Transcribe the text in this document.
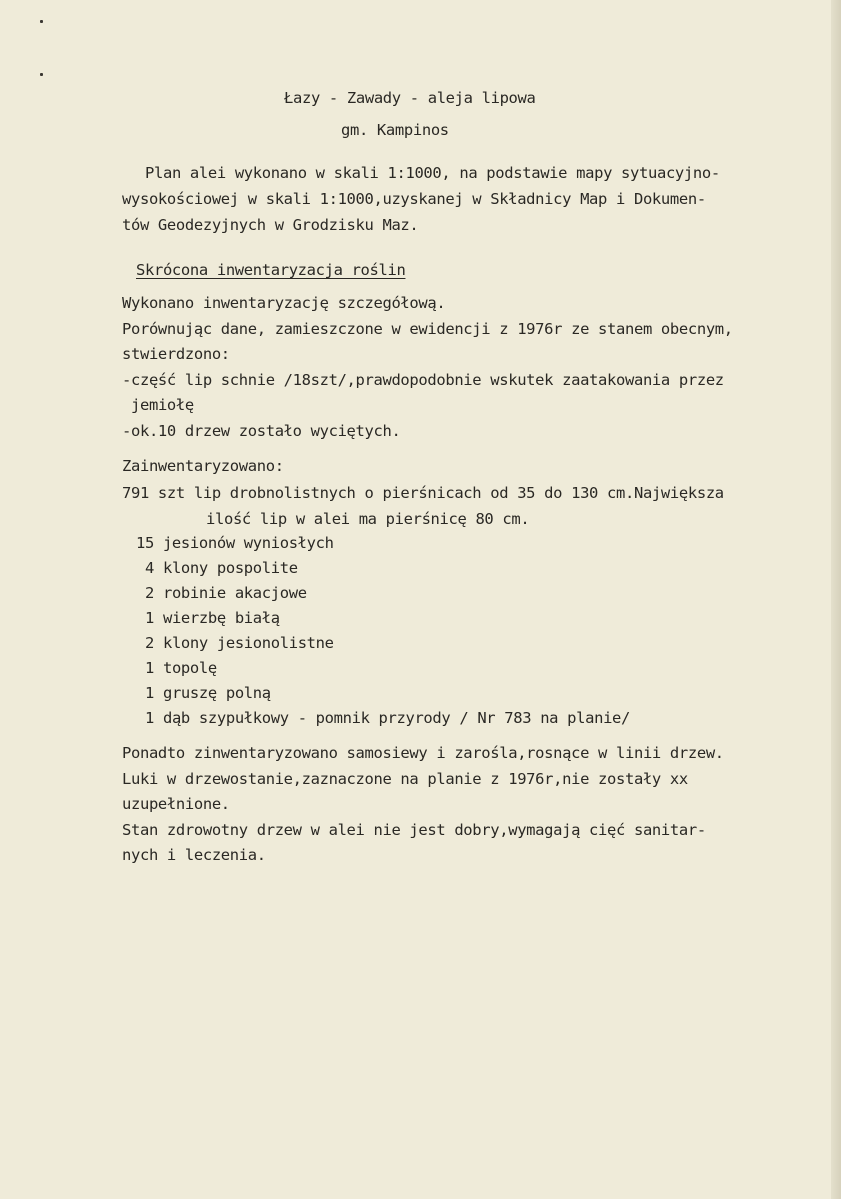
Łazy - Zawady - aleja lipowa
gm. Kampinos
Plan alei wykonano w skali 1:1000, na podstawie mapy sytuacyjno-
wysokościowej w skali 1:1000,uzyskanej w Składnicy Map i Dokumen-
tów Geodezyjnych w Grodzisku Maz.
Skrócona inwentaryzacja roślin
Wykonano inwentaryzację szczegółową.
Porównując dane, zamieszczone w ewidencji z 1976r ze stanem obecnym,
stwierdzono:
-część lip schnie /18szt/,prawdopodobnie wskutek zaatakowania przez
jemiołę
-ok.10 drzew zostało wyciętych.
Zainwentaryzowano:
791 szt lip drobnolistnych o pierśnicach od 35 do 130 cm.Największa
ilość lip w alei ma pierśnicę 80 cm.
15 jesionów wyniosłych
4 klony pospolite
2 robinie akacjowe
1 wierzbę białą
2 klony jesionolistne
1 topolę
1 gruszę polną
1 dąb szypułkowy - pomnik przyrody / Nr 783 na planie/
Ponadto zinwentaryzowano samosiewy i zarośla,rosnące w linii drzew.
Luki w drzewostanie,zaznaczone na planie z 1976r,nie zostały xx
uzupełnione.
Stan zdrowotny drzew w alei nie jest dobry,wymagają cięć sanitar-
nych i leczenia.
